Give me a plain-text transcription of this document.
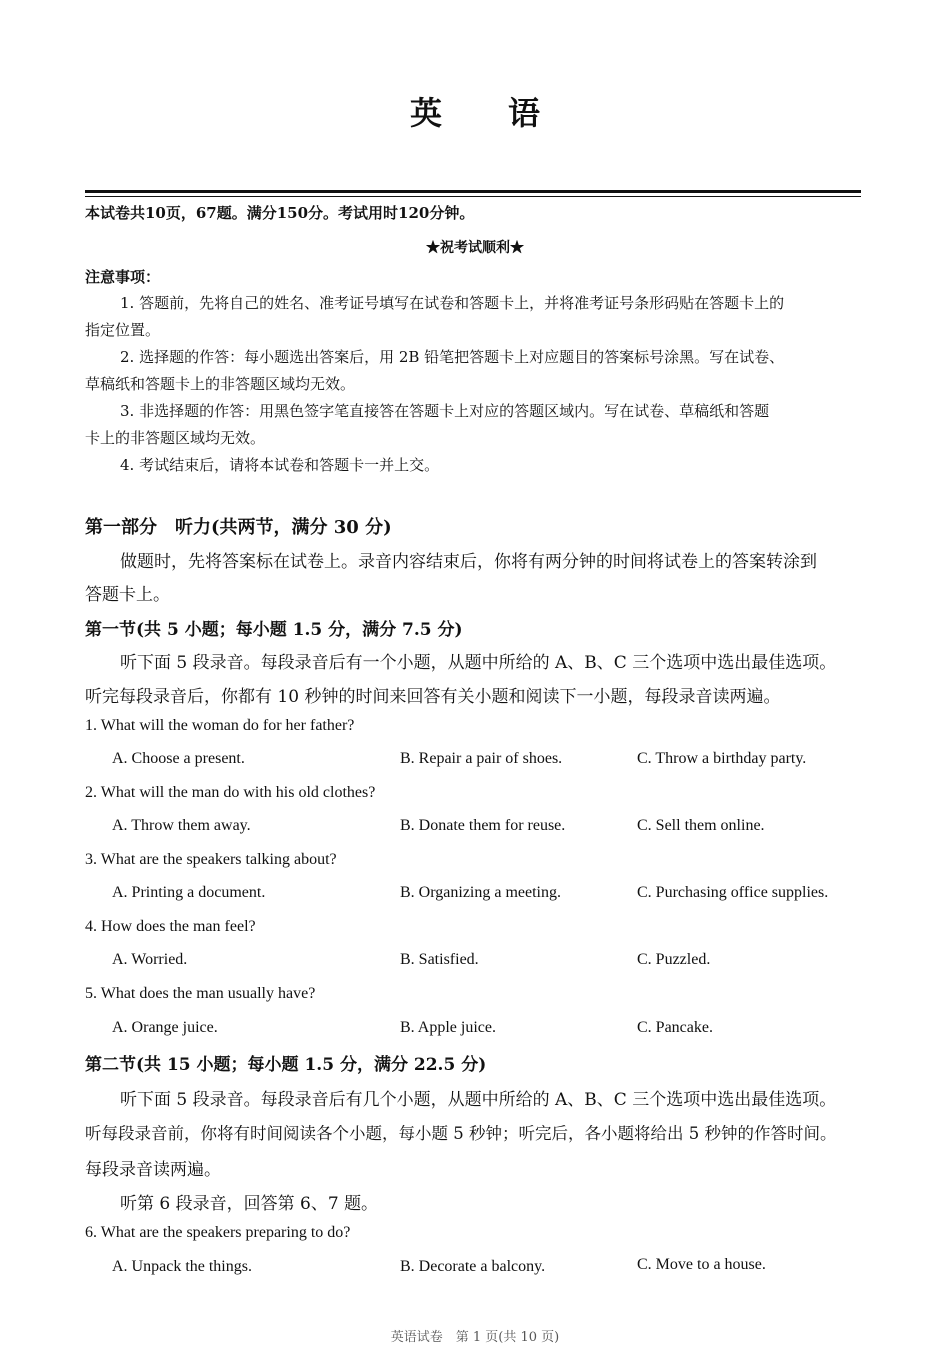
英语
本试卷共10页，67题。满分150分。考试用时120分钟。
★祝考试顺利★
注意事项：
1. 答题前，先将自己的姓名、准考证号填写在试卷和答题卡上，并将准考证号条形码贴在答题卡上的
指定位置。
2. 选择题的作答：每小题选出答案后，用 2B 铅笔把答题卡上对应题目的答案标号涂黑。写在试卷、
草稿纸和答题卡上的非答题区域均无效。
3. 非选择题的作答：用黑色签字笔直接答在答题卡上对应的答题区域内。写在试卷、草稿纸和答题
卡上的非答题区域均无效。
4. 考试结束后，请将本试卷和答题卡一并上交。
第一部分　听力(共两节，满分 30 分)
做题时，先将答案标在试卷上。录音内容结束后，你将有两分钟的时间将试卷上的答案转涂到
答题卡上。
第一节(共 5 小题；每小题 1.5 分，满分 7.5 分)
听下面 5 段录音。每段录音后有一个小题，从题中所给的 A、B、C 三个选项中选出最佳选项。
听完每段录音后，你都有 10 秒钟的时间来回答有关小题和阅读下一小题，每段录音读两遍。
1. What will the woman do for her father?
A. Choose a present.	B. Repair a pair of shoes.	C. Throw a birthday party.
2. What will the man do with his old clothes?
A. Throw them away.	B. Donate them for reuse.	C. Sell them online.
3. What are the speakers talking about?
A. Printing a document.	B. Organizing a meeting.	C. Purchasing office supplies.
4. How does the man feel?
A. Worried.	B. Satisfied.	C. Puzzled.
5. What does the man usually have?
A. Orange juice.	B. Apple juice.	C. Pancake.
第二节(共 15 小题；每小题 1.5 分，满分 22.5 分)
听下面 5 段录音。每段录音后有几个小题，从题中所给的 A、B、C 三个选项中选出最佳选项。
听每段录音前，你将有时间阅读各个小题，每小题 5 秒钟；听完后，各小题将给出 5 秒钟的作答时间。
每段录音读两遍。
听第 6 段录音，回答第 6、7 题。
6. What are the speakers preparing to do?
A. Unpack the things.	B. Decorate a balcony.	C. Move to a house.
英语试卷　第 1 页(共 10 页)
